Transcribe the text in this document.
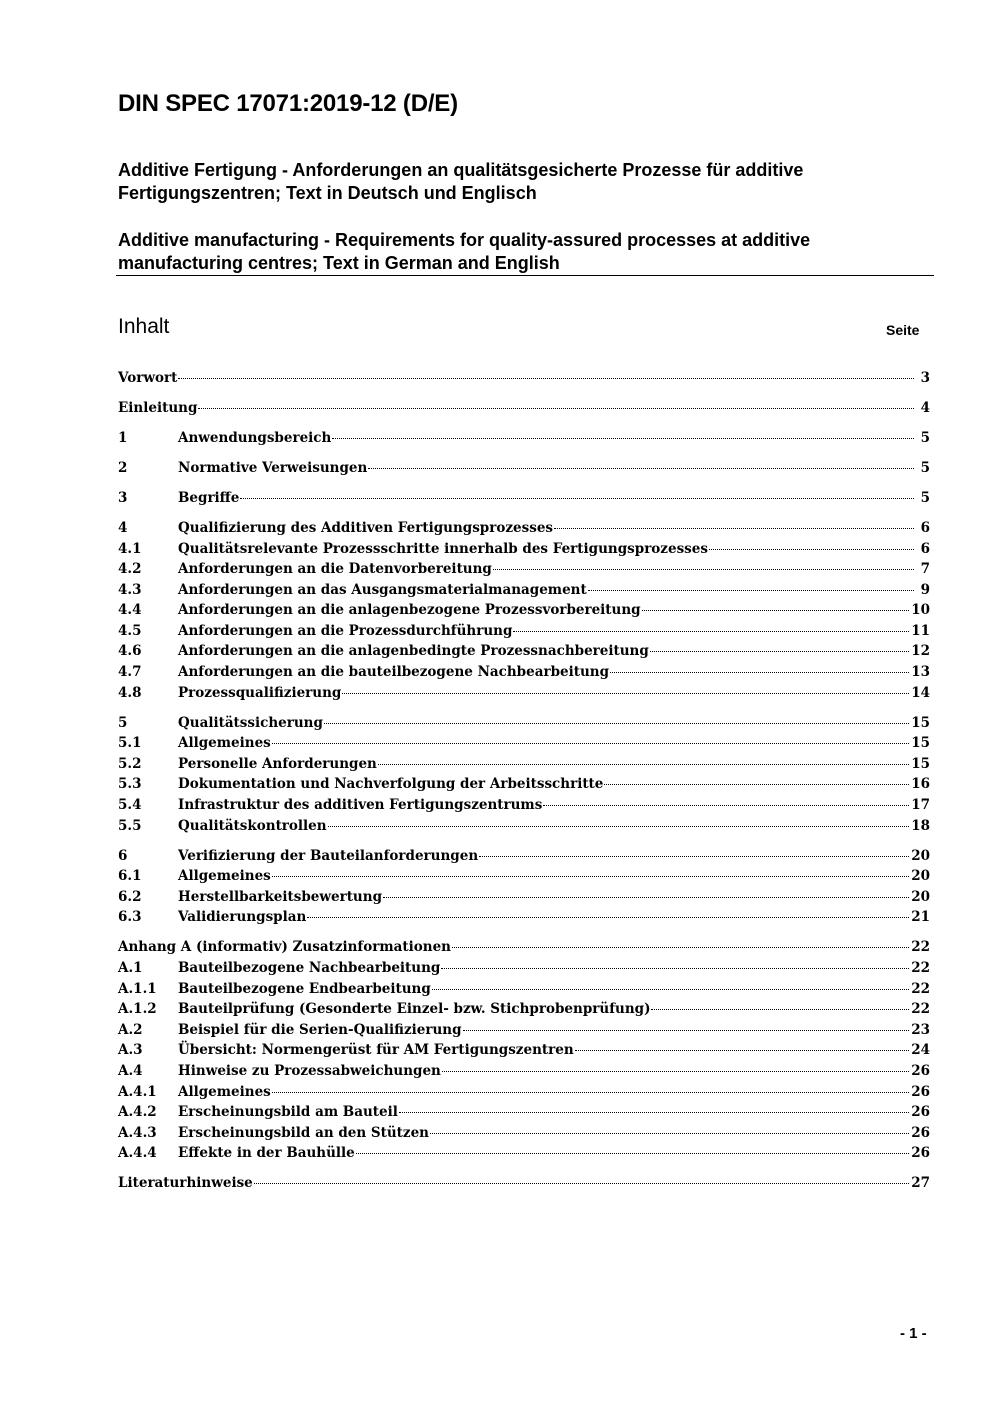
DIN SPEC 17071:2019-12 (D/E)
Additive Fertigung - Anforderungen an qualitätsgesicherte Prozesse für additive Fertigungszentren; Text in Deutsch und Englisch
Additive manufacturing - Requirements for quality-assured processes at additive manufacturing centres; Text in German and English
Inhalt	Seite
Vorwort	3
Einleitung	4
1	Anwendungsbereich	5
2	Normative Verweisungen	5
3	Begriffe	5
4	Qualifizierung des Additiven Fertigungsprozesses	6
4.1	Qualitätsrelevante Prozessschritte innerhalb des Fertigungsprozesses	6
4.2	Anforderungen an die Datenvorbereitung	7
4.3	Anforderungen an das Ausgangsmaterialmanagement	9
4.4	Anforderungen an die anlagenbezogene Prozessvorbereitung	10
4.5	Anforderungen an die Prozessdurchführung	11
4.6	Anforderungen an die anlagenbedingte Prozessnachbereitung	12
4.7	Anforderungen an die bauteilbezogene Nachbearbeitung	13
4.8	Prozessqualifizierung	14
5	Qualitätssicherung	15
5.1	Allgemeines	15
5.2	Personelle Anforderungen	15
5.3	Dokumentation und Nachverfolgung der Arbeitsschritte	16
5.4	Infrastruktur des additiven Fertigungszentrums	17
5.5	Qualitätskontrollen	18
6	Verifizierung der Bauteilanforderungen	20
6.1	Allgemeines	20
6.2	Herstellbarkeitsbewertung	20
6.3	Validierungsplan	21
Anhang A (informativ) Zusatzinformationen	22
A.1	Bauteilbezogene Nachbearbeitung	22
A.1.1	Bauteilbezogene Endbearbeitung	22
A.1.2	Bauteilprüfung (Gesonderte Einzel- bzw. Stichprobenprüfung)	22
A.2	Beispiel für die Serien-Qualifizierung	23
A.3	Übersicht: Normengerüst für AM Fertigungszentren	24
A.4	Hinweise zu Prozessabweichungen	26
A.4.1	Allgemeines	26
A.4.2	Erscheinungsbild am Bauteil	26
A.4.3	Erscheinungsbild an den Stützen	26
A.4.4	Effekte in der Bauhülle	26
Literaturhinweise	27
- 1 -
